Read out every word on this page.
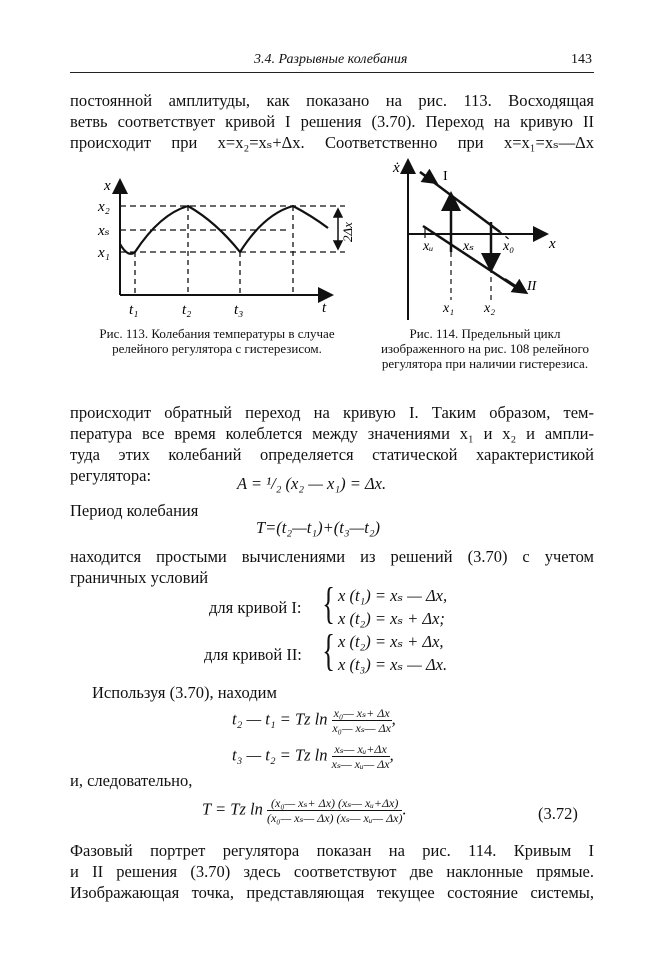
3.4. Разрывные колебания	143
постоянной амплитуды, как показано на рис. 113. Восходящая
ветвь соответствует кривой I решения (3.70). Переход на кривую II
происходит при x=x₂=xₛ+Δx. Соответственно при x=x₁=xₛ—Δx
2Δx
x
t
x₂
xₛ
x₁
t₁	t₂	t₃
Рис. 113. Колебания температуры в случае релейного регулятора с гистерезисом.
ẋ
x
I
II
xᵤ xₛ x₀
x₁ x₂
Рис. 114. Предельный цикл изображенного на рис. 108 релейного регулятора при наличии гистерезиса.
происходит обратный переход на кривую I. Таким образом, тем-
пература все время колеблется между значениями x₁ и x₂ и ампли-
туда этих колебаний определяется статической характеристикой
регулятора:	A = ¹/₂ (x₂ — x₁) = Δx.
Период колебания
T=(t₂—t₁)+(t₃—t₂)
находится простыми вычислениями из решений (3.70) с учетом
граничных условий
для кривой I: { x (t₁) = xₛ — Δx,
x (t₂) = xₛ + Δx;
для кривой II: { x (t₂) = xₛ + Δx,
x (t₃) = xₛ — Δx.
Используя (3.70), находим
t₂ — t₁ = Tz $\ln \frac{\text{x₀— xₛ+ Δx}}{\text{x₀— xₛ— Δx}}$ ,
t₃ — t₂ = Tz $\ln \frac{\text{xₛ— xᵤ+Δx}}{\text{xₛ— xᵤ— Δx}}$ ,
и, следовательно,
T = Tz $\ln \frac{\text{(x₀— xₛ+ Δx) (xₛ— xᵤ+Δx)}}{\text{(x₀— xₛ— Δx) (xₛ— xᵤ— Δx)}}$ .	(3.72)
Фазовый портрет регулятора показан на рис. 114. Кривым I
и II решения (3.70) здесь соответствуют две наклонные прямые.
Изображающая точка, представляющая текущее состояние системы,
